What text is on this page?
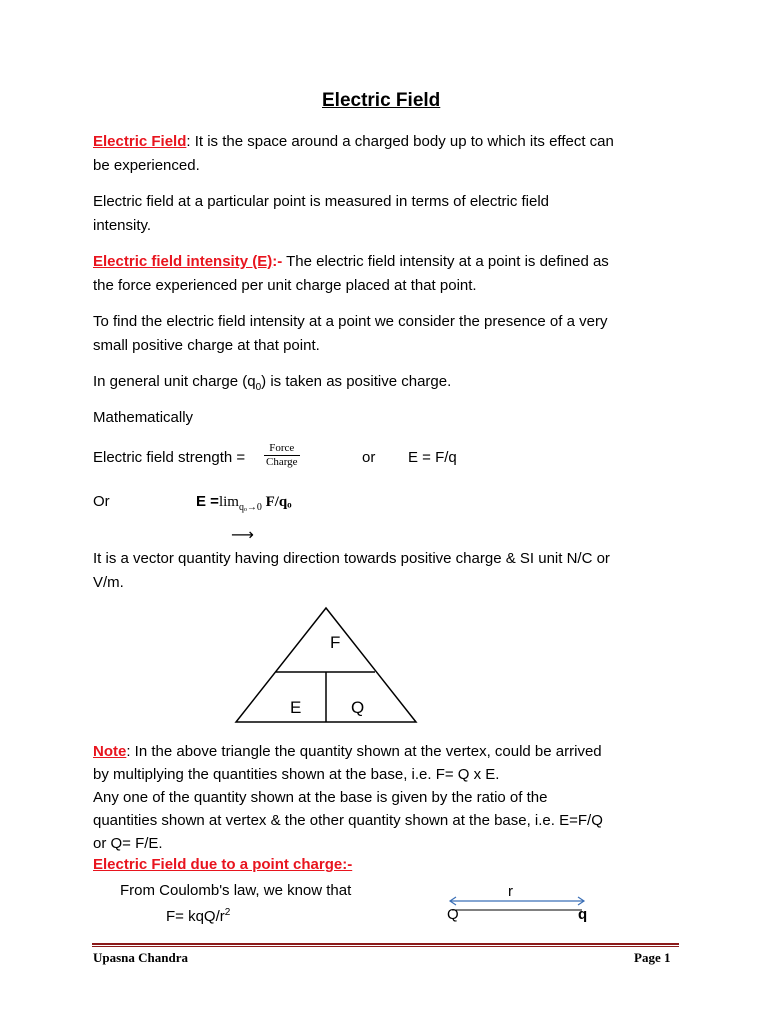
Electric Field
Electric Field: It is the space around a charged body up to which its effect can
be experienced.
Electric field at a particular point is measured in terms of electric field
intensity.
Electric field intensity (E):- The electric field intensity at a point is defined as
the force experienced per unit charge placed at that point.
To find the electric field intensity at a point we consider the presence of a very
small positive charge at that point.
In general unit charge $(q_0)$ is taken as positive charge.
Mathematically
Electric field strength =
Force
Charge	or E = F/q
Or	$E =\lim_{q_o\to 0}$ F/qₒ
⟶
It is a vector quantity having direction towards positive charge & SI unit N/C or
V/m.
F
E	Q
Note: In the above triangle the quantity shown at the vertex, could be arrived
by multiplying the quantities shown at the base, i.e. F= Q x E.
Any one of the quantity shown at the base is given by the ratio of the
quantities shown at vertex & the other quantity shown at the base, i.e. E=F/Q
or Q= F/E.
Electric Field due to a point charge:-
From Coulomb's law, we know that
F= kqQ/$r^2$
r
Q	q
Upasna Chandra	Page 1
